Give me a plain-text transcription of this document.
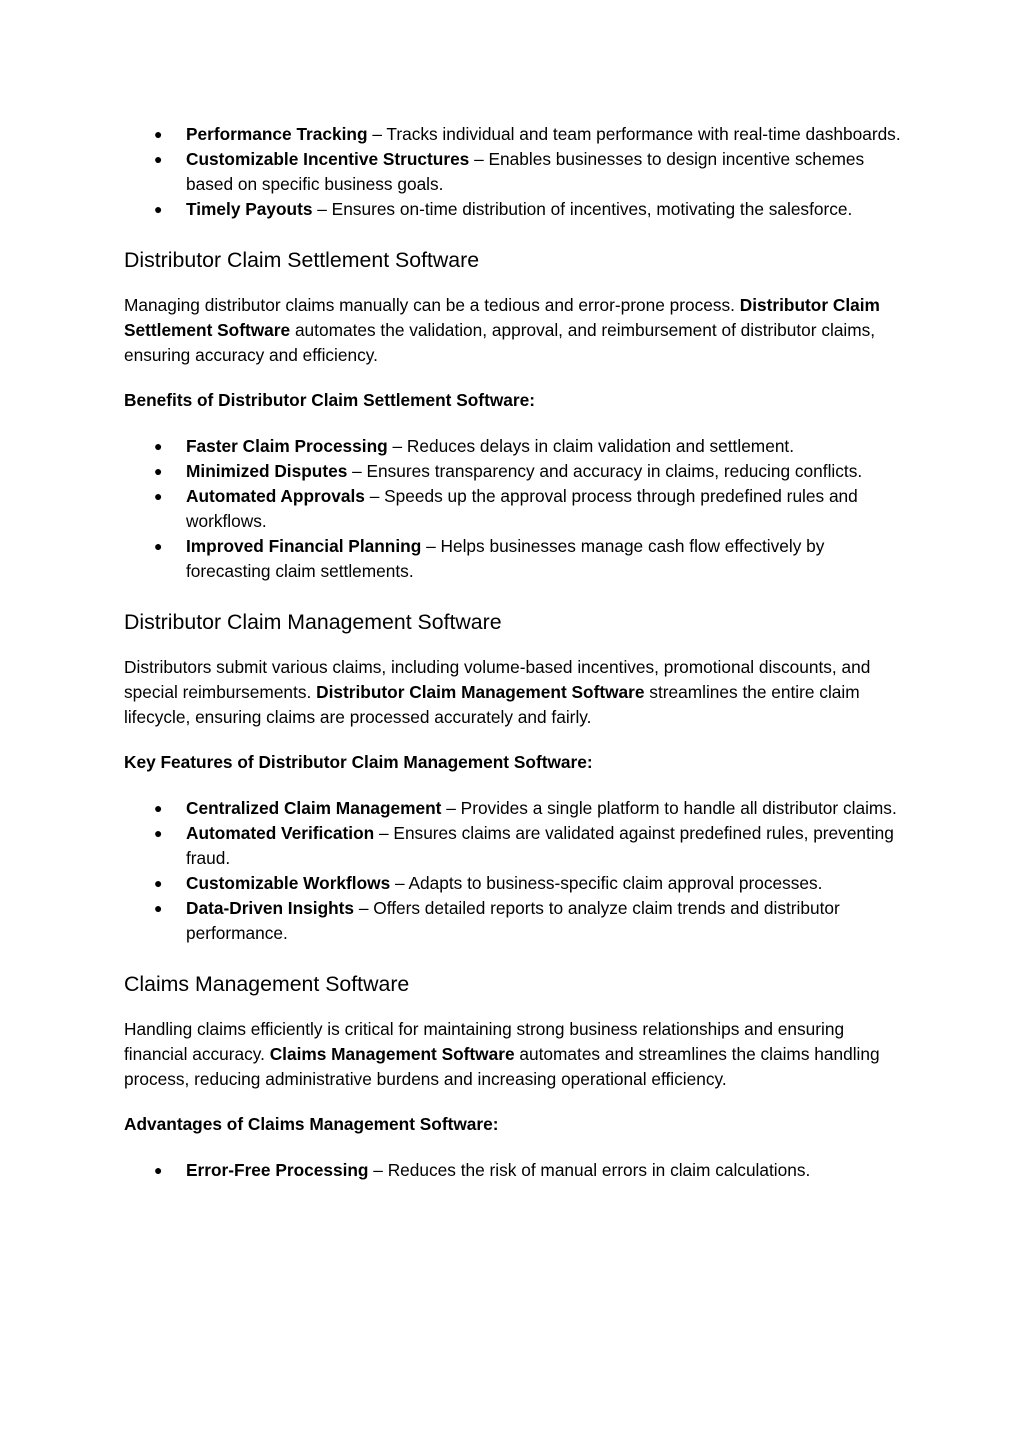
● Performance Tracking – Tracks individual and team performance with real-time dashboards.
● Customizable Incentive Structures – Enables businesses to design incentive schemes based on specific business goals.
● Timely Payouts – Ensures on-time distribution of incentives, motivating the salesforce.
Distributor Claim Settlement Software

Managing distributor claims manually can be a tedious and error-prone process. Distributor Claim Settlement Software automates the validation, approval, and reimbursement of distributor claims, ensuring accuracy and efficiency.

Benefits of Distributor Claim Settlement Software:

● Faster Claim Processing – Reduces delays in claim validation and settlement.
● Minimized Disputes – Ensures transparency and accuracy in claims, reducing conflicts.
● Automated Approvals – Speeds up the approval process through predefined rules and workflows.
● Improved Financial Planning – Helps businesses manage cash flow effectively by forecasting claim settlements.
Distributor Claim Management Software

Distributors submit various claims, including volume-based incentives, promotional discounts, and special reimbursements. Distributor Claim Management Software streamlines the entire claim lifecycle, ensuring claims are processed accurately and fairly.

Key Features of Distributor Claim Management Software:

● Centralized Claim Management – Provides a single platform to handle all distributor claims.
● Automated Verification – Ensures claims are validated against predefined rules, preventing fraud.
● Customizable Workflows – Adapts to business-specific claim approval processes.
● Data-Driven Insights – Offers detailed reports to analyze claim trends and distributor performance.
Claims Management Software

Handling claims efficiently is critical for maintaining strong business relationships and ensuring financial accuracy. Claims Management Software automates and streamlines the claims handling process, reducing administrative burdens and increasing operational efficiency.

Advantages of Claims Management Software:

● Error-Free Processing – Reduces the risk of manual errors in claim calculations.
